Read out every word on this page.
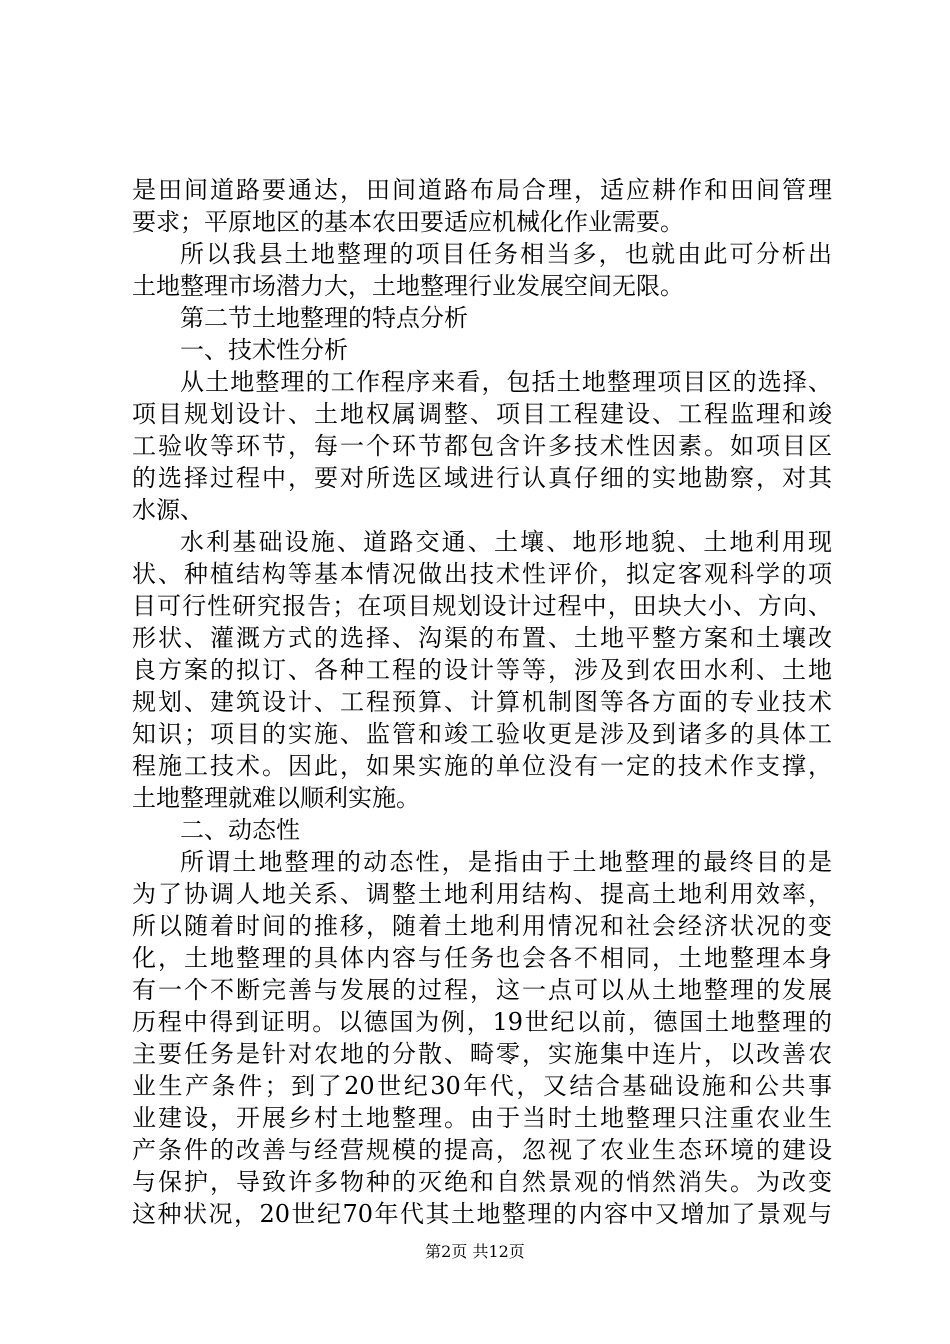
是田间道路要通达，田间道路布局合理，适应耕作和田间管理
要求；平原地区的基本农田要适应机械化作业需要。
所以我县土地整理的项目任务相当多，也就由此可分析出
土地整理市场潜力大，土地整理行业发展空间无限。
第二节土地整理的特点分析
一、技术性分析
从土地整理的工作程序来看，包括土地整理项目区的选择、
项目规划设计、土地权属调整、项目工程建设、工程监理和竣
工验收等环节，每一个环节都包含许多技术性因素。如项目区
的选择过程中，要对所选区域进行认真仔细的实地勘察，对其
水源、
水利基础设施、道路交通、土壤、地形地貌、土地利用现
状、种植结构等基本情况做出技术性评价，拟定客观科学的项
目可行性研究报告；在项目规划设计过程中，田块大小、方向、
形状、灌溉方式的选择、沟渠的布置、土地平整方案和土壤改
良方案的拟订、各种工程的设计等等，涉及到农田水利、土地
规划、建筑设计、工程预算、计算机制图等各方面的专业技术
知识；项目的实施、监管和竣工验收更是涉及到诸多的具体工
程施工技术。因此，如果实施的单位没有一定的技术作支撑，
土地整理就难以顺利实施。
二、动态性
所谓土地整理的动态性，是指由于土地整理的最终目的是
为了协调人地关系、调整土地利用结构、提高土地利用效率，
所以随着时间的推移，随着土地利用情况和社会经济状况的变
化，土地整理的具体内容与任务也会各不相同，土地整理本身
有一个不断完善与发展的过程，这一点可以从土地整理的发展
历程中得到证明。以德国为例，19世纪以前，德国土地整理的
主要任务是针对农地的分散、畸零，实施集中连片，以改善农
业生产条件；到了20世纪30年代，又结合基础设施和公共事
业建设，开展乡村土地整理。由于当时土地整理只注重农业生
产条件的改善与经营规模的提高，忽视了农业生态环境的建设
与保护，导致许多物种的灭绝和自然景观的悄然消失。为改变
这种状况，20世纪70年代其土地整理的内容中又增加了景观与
第2页 共12页
